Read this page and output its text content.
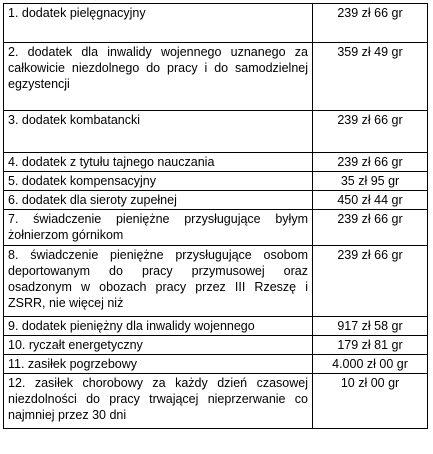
1. dodatek pielęgnacyjny	239 zł 66 gr
2. dodatek dla inwalidy wojennego uznanego za całkowicie niezdolnego do pracy i do samodzielnej egzystencji	359 zł 49 gr
3. dodatek kombatancki	239 zł 66 gr
4. dodatek z tytułu tajnego nauczania	239 zł 66 gr
5. dodatek kompensacyjny	35 zł 95 gr
6. dodatek dla sieroty zupełnej	450 zł 44 gr
7. świadczenie pieniężne przysługujące byłym żołnierzom górnikom	239 zł 66 gr
8. świadczenie pieniężne przysługujące osobom deportowanym do pracy przymusowej oraz osadzonym w obozach pracy przez III Rzeszę i ZSRR, nie więcej niż	239 zł 66 gr
9. dodatek pieniężny dla inwalidy wojennego	917 zł 58 gr
10. ryczałt energetyczny	179 zł 81 gr
11. zasiłek pogrzebowy	4.000 zł 00 gr
12. zasiłek chorobowy za każdy dzień czasowej niezdolności do pracy trwającej nieprzerwanie co najmniej przez 30 dni	10 zł 00 gr
